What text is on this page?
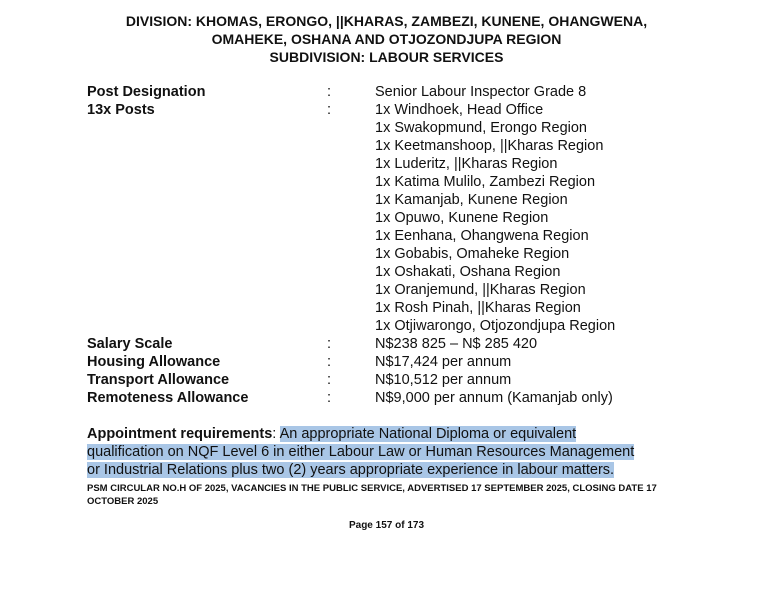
DIVISION: KHOMAS, ERONGO, ||KHARAS, ZAMBEZI, KUNENE, OHANGWENA,
OMAHEKE, OSHANA AND OTJOZONDJUPA REGION
SUBDIVISION: LABOUR SERVICES
Post Designation	:	Senior Labour Inspector Grade 8
13x Posts	:	1x Windhoek, Head Office
1x Swakopmund, Erongo Region
1x Keetmanshoop, ||Kharas Region
1x Luderitz, ||Kharas Region
1x Katima Mulilo, Zambezi Region
1x Kamanjab, Kunene Region
1x Opuwo, Kunene Region
1x Eenhana, Ohangwena Region
1x Gobabis, Omaheke Region
1x Oshakati, Oshana Region
1x Oranjemund, ||Kharas Region
1x Rosh Pinah, ||Kharas Region
1x Otjiwarongo, Otjozondjupa Region
Salary Scale	:	N$238 825 – N$ 285 420
Housing Allowance	:	N$17,424 per annum
Transport Allowance	:	N$10,512 per annum
Remoteness Allowance	:	N$9,000 per annum (Kamanjab only)
Appointment requirements: An appropriate National Diploma or equivalent
qualification on NQF Level 6 in either Labour Law or Human Resources Management
or Industrial Relations plus two (2) years appropriate experience in labour matters.
PSM CIRCULAR NO.H OF 2025, VACANCIES IN THE PUBLIC SERVICE, ADVERTISED 17 SEPTEMBER 2025, CLOSING DATE 17
OCTOBER 2025
Page 157 of 173
